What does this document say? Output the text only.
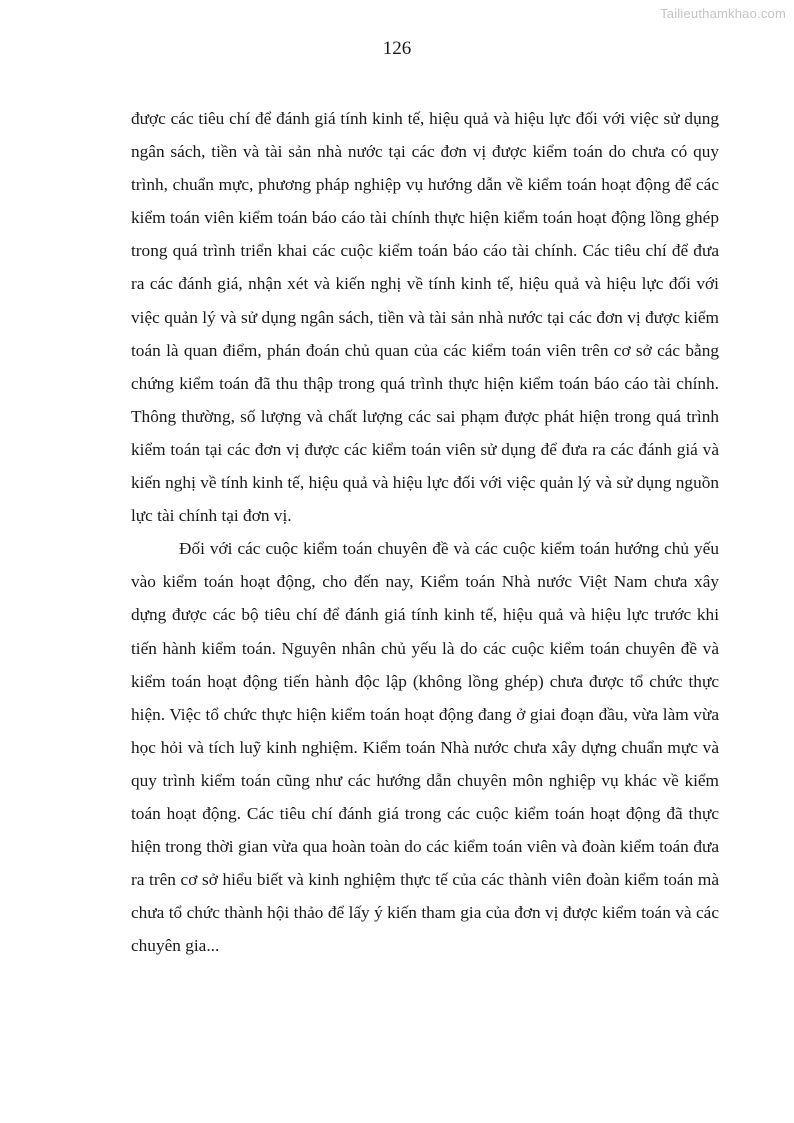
Tailieuthamkhao.com
126

được các tiêu chí để đánh giá tính kinh tế, hiệu quả và hiệu lực đối với việc sử dụng ngân sách, tiền và tài sản nhà nước tại các đơn vị được kiểm toán do chưa có quy trình, chuẩn mực, phương pháp nghiệp vụ hướng dẫn về kiểm toán hoạt động để các kiểm toán viên kiểm toán báo cáo tài chính thực hiện kiểm toán hoạt động lồng ghép trong quá trình triển khai các cuộc kiểm toán báo cáo tài chính. Các tiêu chí để đưa ra các đánh giá, nhận xét và kiến nghị về tính kinh tế, hiệu quả và hiệu lực đối với việc quản lý và sử dụng ngân sách, tiền và tài sản nhà nước tại các đơn vị được kiểm toán là quan điểm, phán đoán chủ quan của các kiểm toán viên trên cơ sở các bằng chứng kiểm toán đã thu thập trong quá trình thực hiện kiểm toán báo cáo tài chính. Thông thường, số lượng và chất lượng các sai phạm được phát hiện trong quá trình kiểm toán tại các đơn vị được các kiểm toán viên sử dụng để đưa ra các đánh giá và kiến nghị về tính kinh tế, hiệu quả và hiệu lực đối với việc quản lý và sử dụng nguồn lực tài chính tại đơn vị.

Đối với các cuộc kiểm toán chuyên đề và các cuộc kiểm toán hướng chủ yếu vào kiểm toán hoạt động, cho đến nay, Kiểm toán Nhà nước Việt Nam chưa xây dựng được các bộ tiêu chí để đánh giá tính kinh tế, hiệu quả và hiệu lực trước khi tiến hành kiểm toán. Nguyên nhân chủ yếu là do các cuộc kiểm toán chuyên đề và kiểm toán hoạt động tiến hành độc lập (không lồng ghép) chưa được tổ chức thực hiện. Việc tổ chức thực hiện kiểm toán hoạt động đang ở giai đoạn đầu, vừa làm vừa học hỏi và tích luỹ kinh nghiệm. Kiểm toán Nhà nước chưa xây dựng chuẩn mực và quy trình kiểm toán cũng như các hướng dẫn chuyên môn nghiệp vụ khác về kiểm toán hoạt động. Các tiêu chí đánh giá trong các cuộc kiểm toán hoạt động đã thực hiện trong thời gian vừa qua hoàn toàn do các kiểm toán viên và đoàn kiểm toán đưa ra trên cơ sở hiểu biết và kinh nghiệm thực tế của các thành viên đoàn kiểm toán mà chưa tổ chức thành hội thảo để lấy ý kiến tham gia của đơn vị được kiểm toán và các chuyên gia...
